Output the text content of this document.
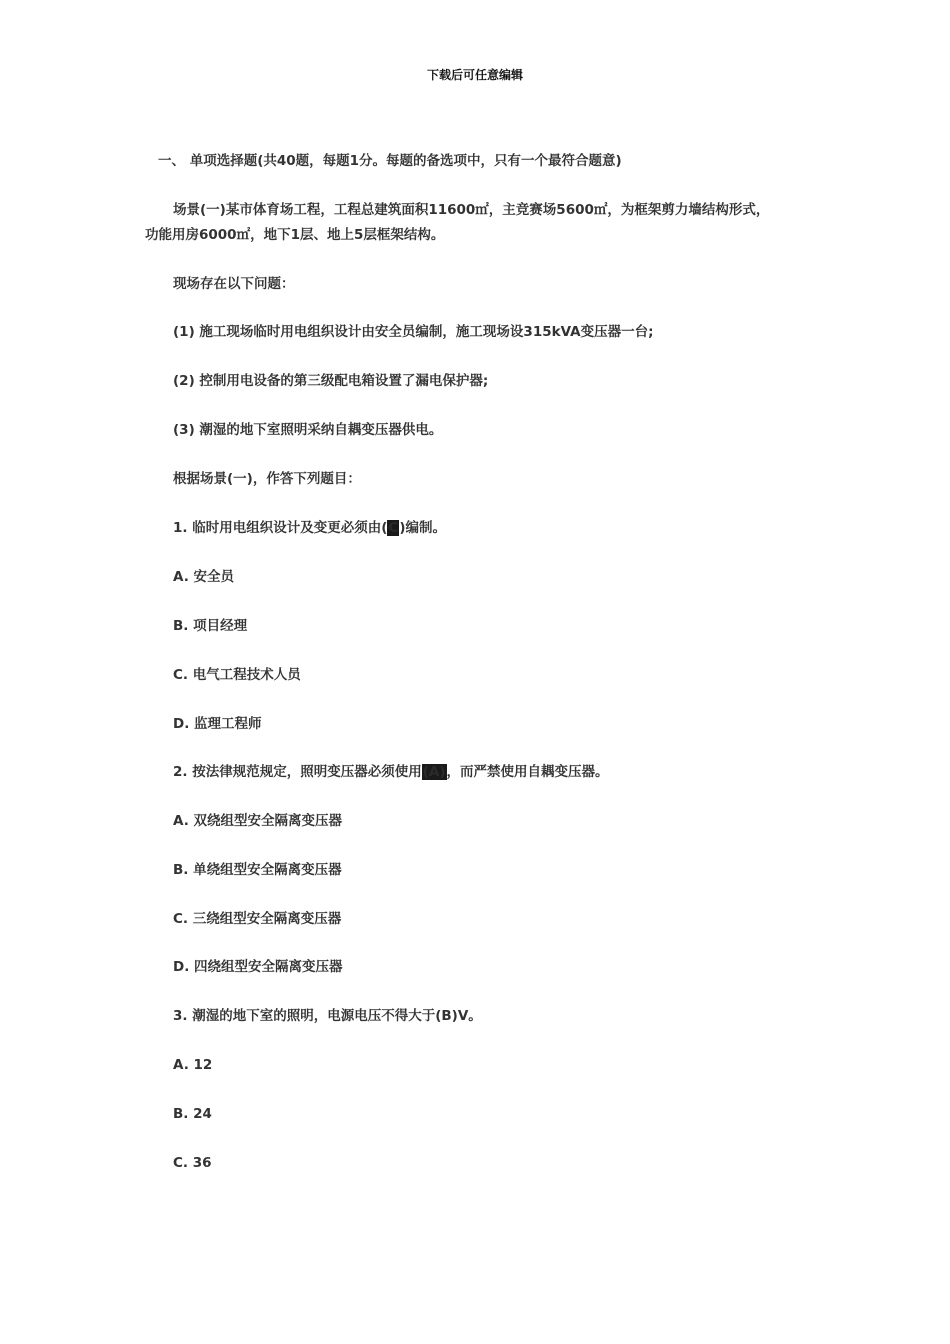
下载后可任意编辑
一、 单项选择题(共40题，每题1分。每题的备选项中，只有一个最符合题意)
场景(一)某市体育场工程，工程总建筑面积11600㎡，主竞赛场5600㎡，为框架剪力墙结构形式，
功能用房6000㎡，地下1层、地上5层框架结构。
现场存在以下问题：
(1) 施工现场临时用电组织设计由安全员编制，施工现场设315kVA变压器一台;
(2) 控制用电设备的第三级配电箱设置了漏电保护器;
(3) 潮湿的地下室照明采纳自耦变压器供电。
根据场景(一)，作答下列题目：
1. 临时用电组织设计及变更必须由(C)编制。
A. 安全员
B. 项目经理
C. 电气工程技术人员
D. 监理工程师
2. 按法律规范规定，照明变压器必须使用(A)，而严禁使用自耦变压器。
A. 双绕组型安全隔离变压器
B. 单绕组型安全隔离变压器
C. 三绕组型安全隔离变压器
D. 四绕组型安全隔离变压器
3. 潮湿的地下室的照明，电源电压不得大于(B)V。
A. 12
B. 24
C. 36
